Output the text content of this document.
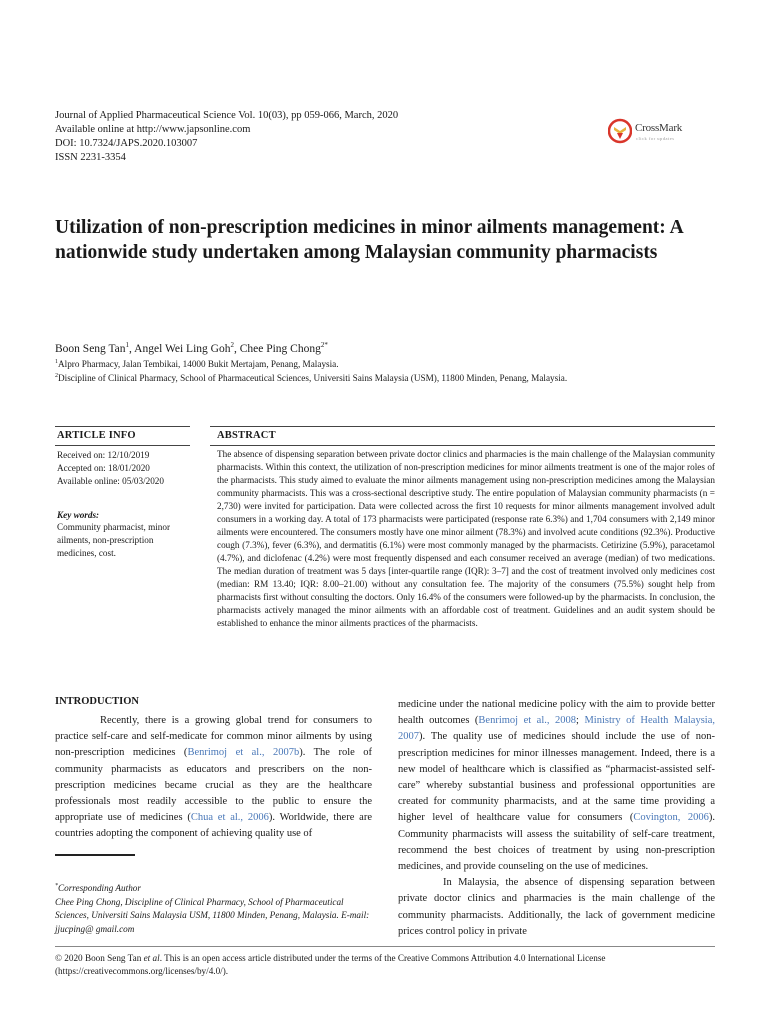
Journal of Applied Pharmaceutical Science Vol. 10(03), pp 059-066, March, 2020
Available online at http://www.japsonline.com
DOI: 10.7324/JAPS.2020.103007
ISSN 2231-3354
CrossMark
click for updates
Utilization of non-prescription medicines in minor ailments management: A nationwide study undertaken among Malaysian community pharmacists
Boon Seng Tan$^1$, Angel Wei Ling Goh$^2$, Chee Ping Chong$^{2*}$
$^1$Alpro Pharmacy, Jalan Tembikai, 14000 Bukit Mertajam, Penang, Malaysia.
$^2$Discipline of Clinical Pharmacy, School of Pharmaceutical Sciences, Universiti Sains Malaysia (USM), 11800 Minden, Penang, Malaysia.
ARTICLE INFO	ABSTRACT
Received on: 12/10/2019
Accepted on: 18/01/2020
Available online: 05/03/2020
Key words:
Community pharmacist, minor ailments, non-prescription medicines, cost.
The absence of dispensing separation between private doctor clinics and pharmacies is the main challenge of the Malaysian community pharmacists. Within this context, the utilization of non-prescription medicines for minor ailments treatment is one of the major roles of the pharmacists. This study aimed to evaluate the minor ailments management using non-prescription medicines among the Malaysian community pharmacists. This was a cross-sectional descriptive study. The entire population of Malaysian community pharmacists (n = 2,730) were invited for participation. Data were collected across the first 10 requests for minor ailments management involved adult consumers in a working day. A total of 173 pharmacists were participated (response rate 6.3%) and 1,704 consumers with 2,149 minor ailments were encountered. The consumers mostly have one minor ailment (78.3%) and involved acute conditions (92.3%). Productive cough (7.3%), fever (6.3%), and dermatitis (6.1%) were most commonly managed by the pharmacists. Cetirizine (5.9%), paracetamol (4.7%), and diclofenac (4.2%) were most frequently dispensed and each consumer received an average (median) of two medications. The median duration of treatment was 5 days [inter-quartile range (IQR): 3–7] and the cost of treatment involved only medicines cost (median: RM 13.40; IQR: 8.00–21.00) without any consultation fee. The majority of the consumers (75.5%) sought help from pharmacists first without consulting the doctors. Only 16.4% of the consumers were followed-up by the pharmacists. In conclusion, the pharmacists actively managed the minor ailments with an affordable cost of treatment. Guidelines and an audit system should be established to enhance the minor ailments practices of the pharmacists.
INTRODUCTION
Recently, there is a growing global trend for consumers to practice self-care and self-medicate for common minor ailments by using non-prescription medicines (Benrimoj et al., 2007b). The role of community pharmacists as educators and prescribers on the non-prescription medicines became crucial as they are the healthcare professionals most readily accessible to the public to ensure the appropriate use of medicines (Chua et al., 2006). Worldwide, there are countries adopting the component of achieving quality use of
medicine under the national medicine policy with the aim to provide better health outcomes (Benrimoj et al., 2008; Ministry of Health Malaysia, 2007). The quality use of medicines should include the use of non-prescription medicines for minor illnesses management. Indeed, there is a new model of healthcare which is classified as “pharmacist-assisted self-care” whereby substantial business and professional opportunities are created for community pharmacists, and at the same time providing a higher level of healthcare value for consumers (Covington, 2006). Community pharmacists will assess the suitability of self-care treatment, recommend the best choices of treatment by using non-prescription medicines, and provide counseling on the use of medicines.
In Malaysia, the absence of dispensing separation between private doctor clinics and pharmacies is the main challenge of the community pharmacists. Additionally, the lack of government medicine prices control policy in private
*Corresponding Author
Chee Ping Chong, Discipline of Clinical Pharmacy, School of Pharmaceutical Sciences, Universiti Sains Malaysia USM, 11800 Minden, Penang, Malaysia. E-mail: jjucping@ gmail.com
© 2020 Boon Seng Tan et al. This is an open access article distributed under the terms of the Creative Commons Attribution 4.0 International License (https://creativecommons.org/licenses/by/4.0/).
